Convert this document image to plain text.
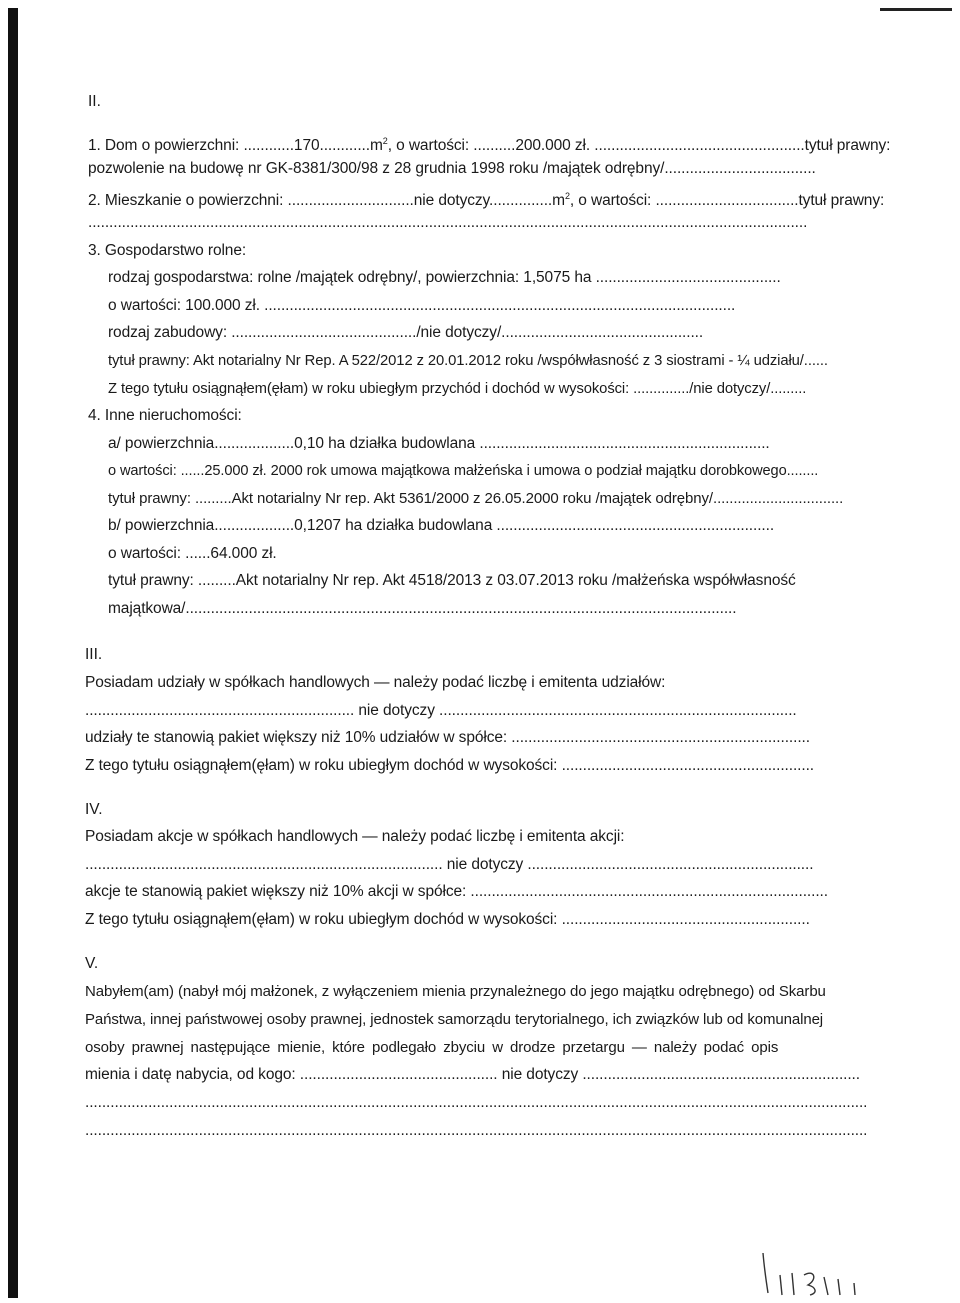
II.
1. Dom o powierzchni: $............170............m^2$, o wartości: ..........200.000 zł. ..................................................tytuł prawny:
pozwolenie na budowę nr GK-8381/300/98 z 28 grudnia 1998 roku /majątek odrębny/....................................
2. Mieszkanie o powierzchni: ..............................nie $dotyczy...............m^2$, o wartości: ..................................tytuł prawny:
...........................................................................................................................................................................
3. Gospodarstwo rolne:
rodzaj gospodarstwa: rolne /majątek odrębny/, powierzchnia: 1,5075 ha ............................................
o wartości: 100.000 zł. ................................................................................................................
rodzaj zabudowy: ............................................/nie dotyczy/................................................
tytuł prawny: Akt notarialny Nr Rep. A 522/2012 z 20.01.2012 roku /współwłasność z 3 siostrami - ¼ udziału/......
Z tego tytułu osiągnąłem(ęłam) w roku ubiegłym przychód i dochód w wysokości: ............../nie dotyczy/.........
4. Inne nieruchomości:
a/ powierzchnia...................0,10 ha działka budowlana .....................................................................
o wartości: ......25.000 zł. 2000 rok umowa majątkowa małżeńska i umowa o podział majątku dorobkowego........
tytuł prawny: .........Akt notarialny Nr rep. Akt 5361/2000 z 26.05.2000 roku /majątek odrębny/................................
b/ powierzchnia...................0,1207 ha działka budowlana ..................................................................
o wartości: ......64.000 zł.
tytuł prawny: .........Akt notarialny Nr rep. Akt 4518/2013 z 03.07.2013 roku /małżeńska współwłasność
majątkowa/...................................................................................................................................
III.
Posiadam udziały w spółkach handlowych — należy podać liczbę i emitenta udziałów:
................................................................ nie dotyczy .....................................................................................
udziały te stanowią pakiet większy niż 10% udziałów w spółce: .......................................................................
Z tego tytułu osiągnąłem(ęłam) w roku ubiegłym dochód w wysokości: ............................................................
IV.
Posiadam akcje w spółkach handlowych — należy podać liczbę i emitenta akcji:
..................................................................................... nie dotyczy ....................................................................
akcje te stanowią pakiet większy niż 10% akcji w spółce: .....................................................................................
Z tego tytułu osiągnąłem(ęłam) w roku ubiegłym dochód w wysokości: ...........................................................
V.
Nabyłem(am) (nabył mój małżonek, z wyłączeniem mienia przynależnego do jego majątku odrębnego) od Skarbu
Państwa, innej państwowej osoby prawnej, jednostek samorządu terytorialnego, ich związków lub od komunalnej
osoby prawnej następujące mienie, które podlegało zbyciu w drodze przetargu — należy podać opis
mienia i datę nabycia, od kogo: ............................................... nie dotyczy ..................................................................
..........................................................................................................................................................................................
..........................................................................................................................................................................................
